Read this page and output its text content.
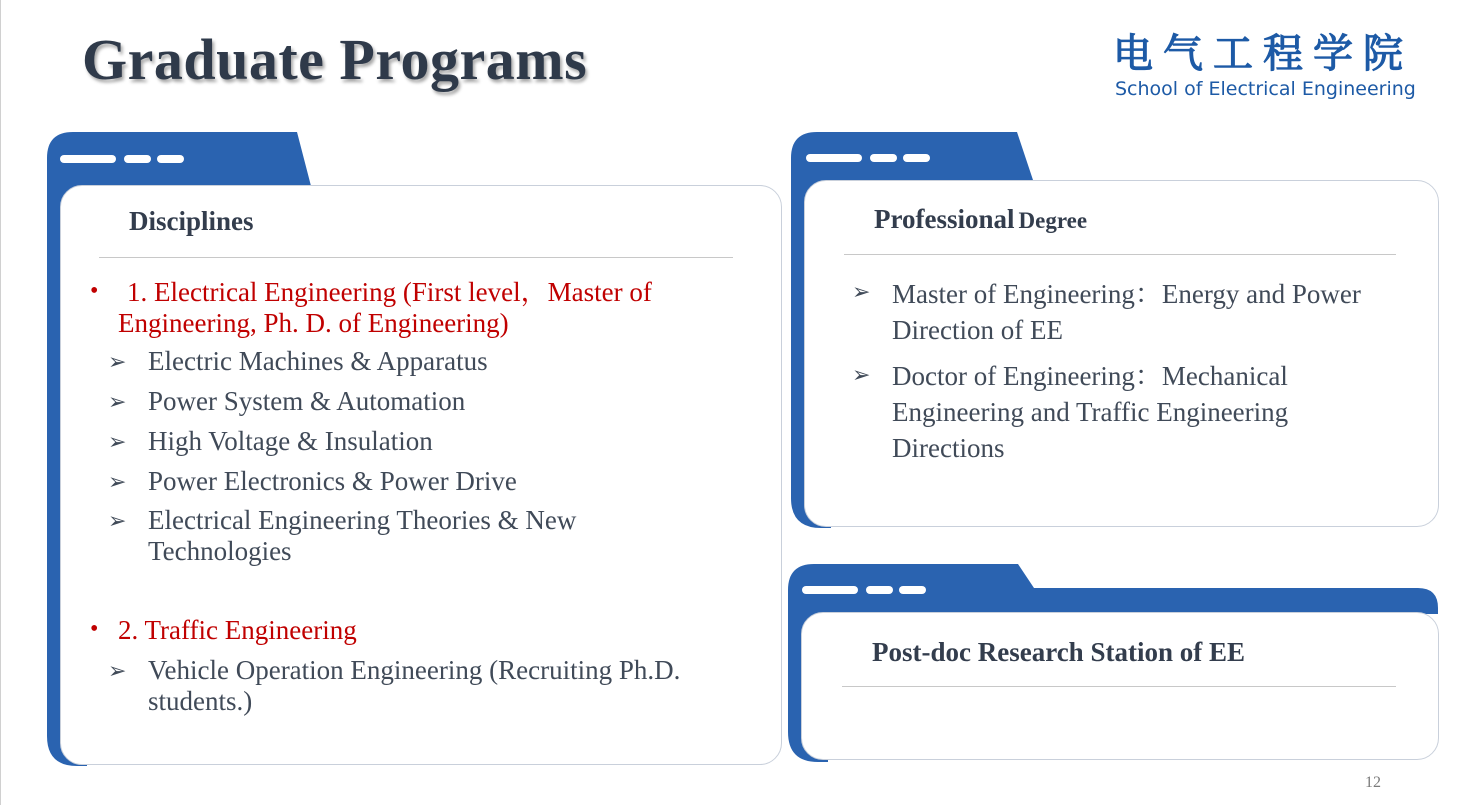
Graduate Programs	电气工程学院
School of Electrical Engineering
Disciplines
•	1. Electrical Engineering (First level，Master of Engineering, Ph. D. of Engineering)
➢ Electric Machines & Apparatus
➢ Power System & Automation
➢ High Voltage & Insulation
➢ Power Electronics & Power Drive
➢ Electrical Engineering Theories & New Technologies
• 2. Traffic Engineering
➢ Vehicle Operation Engineering (Recruiting Ph.D. students.)
Professional Degree
➢ Master of Engineering：Energy and Power Direction of EE
➢ Doctor of Engineering：Mechanical Engineering and Traffic Engineering Directions
Post-doc Research Station of EE
12
